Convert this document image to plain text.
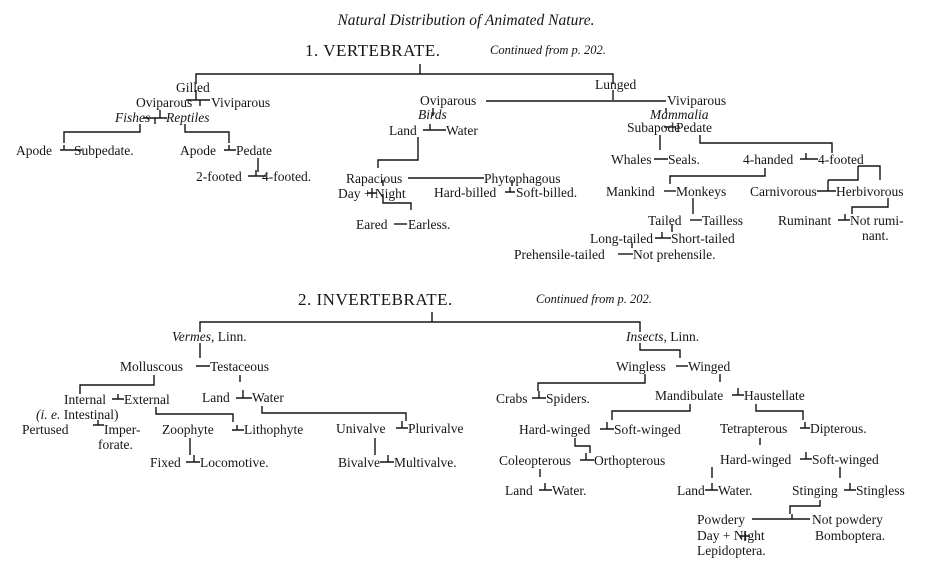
Natural Distribution of Animated Nature.
1. VERTEBRATE.	Continued from p. 202.
Gilled	Lunged
Oviparous Viviparous
Fishes Reptiles
Apode Subpedate.	Apode Pedate
2-footed 4-footed.
Oviparous
Birds
Land Water
Rapacious	Phytophagous
Day + Night Hard-billed Soft-billed.
Eared Earless.
Viviparous
Mammalia
Subapode
Pedate
Whales Seals.	4-handed 4-footed
Mankind Monkeys Carnivorous Herbivorous
Tailed Tailless	Ruminant Not rumi-
nant.
Long-tailed Short-tailed
Prehensile-tailed Not prehensile.
2. INVERTEBRATE.	Continued from p. 202.
Vermes, Linn.	Insects, Linn.
Molluscous Testaceous
Internal External
(i. e. Intestinal)
Pertused	Imper-
forate.
Land Water
Zoophyte Lithophyte
Fixed Locomotive.
Univalve Plurivalve
Bivalve Multivalve.
Wingless Winged
Crabs Spiders.	Mandibulate Haustellate
Hard-winged Soft-winged
Coleopterous Orthopterous
Land Water.
Tetrapterous Dipterous.
Hard-winged Soft-winged
Land Water.	Stinging Stingless
Powdery	Not powdery
Day + Night
Lepidoptera.
Bomboptera.
